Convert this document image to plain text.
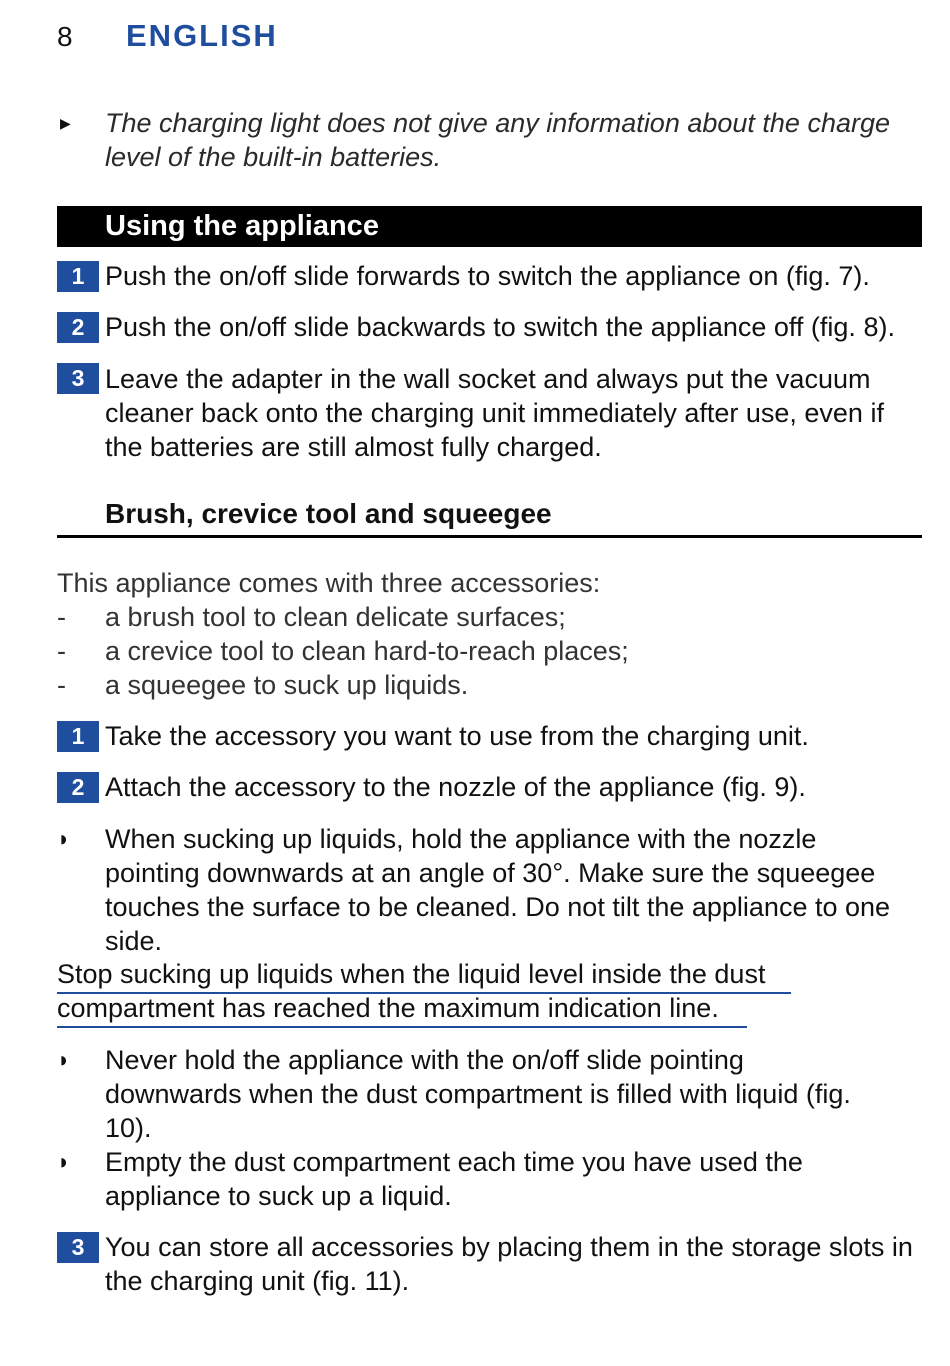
8 ENGLISH
▶ The charging light does not give any information about the charge level of the built-in batteries.
Using the appliance
1 Push the on/off slide forwards to switch the appliance on (fig. 7).
2 Push the on/off slide backwards to switch the appliance off (fig. 8).
3 Leave the adapter in the wall socket and always put the vacuum cleaner back onto the charging unit immediately after use, even if the batteries are still almost fully charged.
Brush, crevice tool and squeegee
This appliance comes with three accessories:
- a brush tool to clean delicate surfaces;
- a crevice tool to clean hard-to-reach places;
- a squeegee to suck up liquids.
1 Take the accessory you want to use from the charging unit.
2 Attach the accessory to the nozzle of the appliance (fig. 9).
◗ When sucking up liquids, hold the appliance with the nozzle pointing downwards at an angle of 30°. Make sure the squeegee touches the surface to be cleaned. Do not tilt the appliance to one side.
Stop sucking up liquids when the liquid level inside the dust
compartment has reached the maximum indication line.
◗ Never hold the appliance with the on/off slide pointing downwards when the dust compartment is filled with liquid (fig. 10).
◗ Empty the dust compartment each time you have used the appliance to suck up a liquid.
3 You can store all accessories by placing them in the storage slots in the charging unit (fig. 11).
